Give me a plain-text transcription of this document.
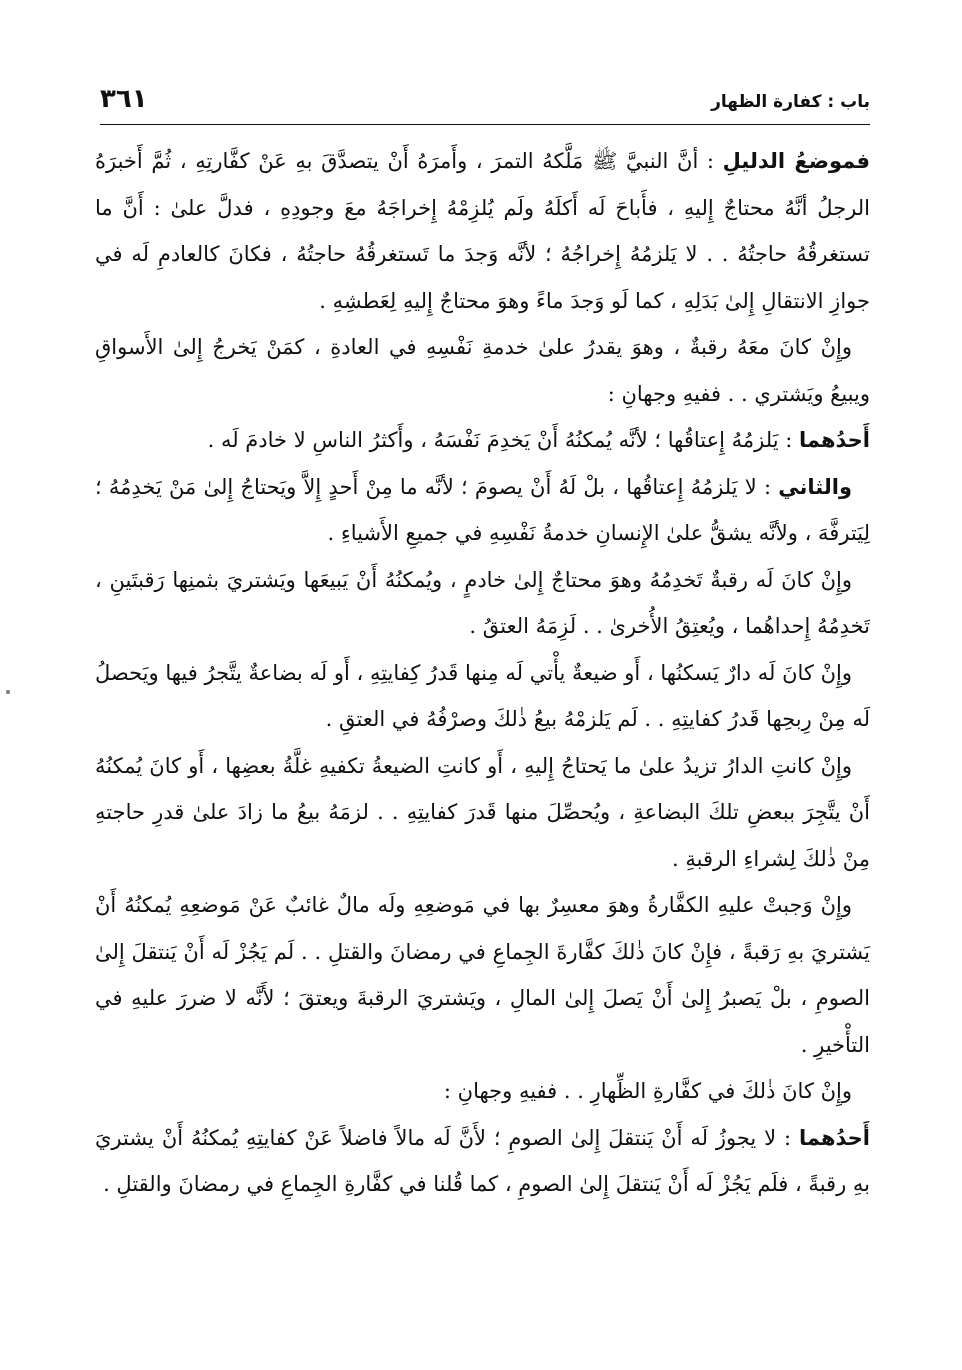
باب : كفارة الظهار
٣٦١

فموضعُ الدليلِ : أنَّ النبيَّ ﷺ مَلَّكهُ التمرَ ، وأَمرَهُ أَنْ يتصدَّقَ بهِ عَنْ كفَّارتِهِ ، ثُمَّ أَخبرَهُ الرجلُ أنَّهُ محتاجٌ إِليهِ ، فأَباحَ لَه أَكلَهُ ولَم يُلزِمْهُ إِخراجَهُ معَ وجودِهِ ، فدلَّ علىٰ : أَنَّ ما تستغرقُهُ حاجتُهُ . . لا يَلزمُهُ إِخراجُهُ ؛ لأنَّه وَجدَ ما تَستغرقُهُ حاجتُهُ ، فكانَ كالعادمِ لَه في جوازِ الانتقالِ إِلىٰ بَدَلِهِ ، كما لَو وَجدَ ماءً وهوَ محتاجٌ إِليهِ لِعَطشِهِ .

وإِنْ كانَ معَهُ رقبةٌ ، وهوَ يقدرُ علىٰ خدمةِ نَفْسِهِ في العادةِ ، كمَنْ يَخرجُ إِلىٰ الأَسواقِ ويبيعُ ويَشتري . . ففيهِ وجهانِ :

أَحدُهما : يَلزمُهُ إِعتاقُها ؛ لأنَّه يُمكنُهُ أَنْ يَخدِمَ نَفْسَهُ ، وأَكثرُ الناسِ لا خادمَ لَه .

والثاني : لا يَلزمُهُ إِعتاقُها ، بلْ لَهُ أَنْ يصومَ ؛ لأنَّه ما مِنْ أَحدٍ إِلاَّ ويَحتاجُ إِلىٰ مَنْ يَخدِمُهُ ؛ لِيَترفَّهَ ، ولأنَّه يشقُّ علىٰ الإِنسانِ خدمةُ نَفْسِهِ في جميعِ الأَشياءِ .

وإِنْ كانَ لَه رقبةٌ تَخدِمُهُ وهوَ محتاجٌ إِلىٰ خادمٍ ، ويُمكنُهُ أَنْ يَبيعَها ويَشتريَ بثمنِها رَقبتَينِ ، تَخدِمُهُ إِحداهُما ، ويُعتِقُ الأُخرىٰ . . لَزِمَهُ العتقُ .

وإِنْ كانَ لَه دارٌ يَسكنُها ، أَو ضيعةٌ يأْتي لَه مِنها قَدرُ كِفايتِهِ ، أَو لَه بضاعةٌ يتَّجرُ فيها ويَحصلُ لَه مِنْ رِبحِها قَدرُ كفايتِهِ . . لَم يَلزمْهُ بيعُ ذٰلكَ وصرْفُهُ في العتقِ .

وإِنْ كانتِ الدارُ تزيدُ علىٰ ما يَحتاجُ إِليهِ ، أَو كانتِ الضيعةُ تكفيهِ غلَّةُ بعضِها ، أَو كانَ يُمكنُهُ أَنْ يتَّجِرَ ببعضِ تلكَ البضاعةِ ، ويُحصِّلَ منها قَدرَ كفايتِهِ . . لزمَهُ بيعُ ما زادَ علىٰ قدرِ حاجتهِ مِنْ ذٰلكَ لِشراءِ الرقبةِ .

وإِنْ وَجبتْ عليهِ الكفَّارةُ وهوَ معسِرٌ بها في مَوضعِهِ ولَه مالٌ غائبٌ عَنْ مَوضعِهِ يُمكنُهُ أَنْ يَشتريَ بهِ رَقبةً ، فإِنْ كانَ ذٰلكَ كفَّارةَ الجِماعِ في رمضانَ والقتلِ . . لَم يَجُزْ لَه أَنْ يَنتقلَ إِلىٰ الصومِ ، بلْ يَصبرُ إِلىٰ أَنْ يَصلَ إِلىٰ المالِ ، ويَشتريَ الرقبةَ ويعتقَ ؛ لأَنَّه لا ضررَ عليهِ في التأْخيرِ .

وإِنْ كانَ ذٰلكَ في كفَّارةِ الظِّهارِ . . ففيهِ وجهانِ :

أَحدُهما : لا يجوزُ لَه أَنْ يَنتقلَ إِلىٰ الصومِ ؛ لأَنَّ لَه مالاً فاضلاً عَنْ كفايتِهِ يُمكنُهُ أَنْ يشتريَ بهِ رقبةً ، فلَم يَجُزْ لَه أَنْ يَنتقلَ إِلىٰ الصومِ ، كما قُلنا في كفَّارةِ الجِماعِ في رمضانَ والقتلِ .
